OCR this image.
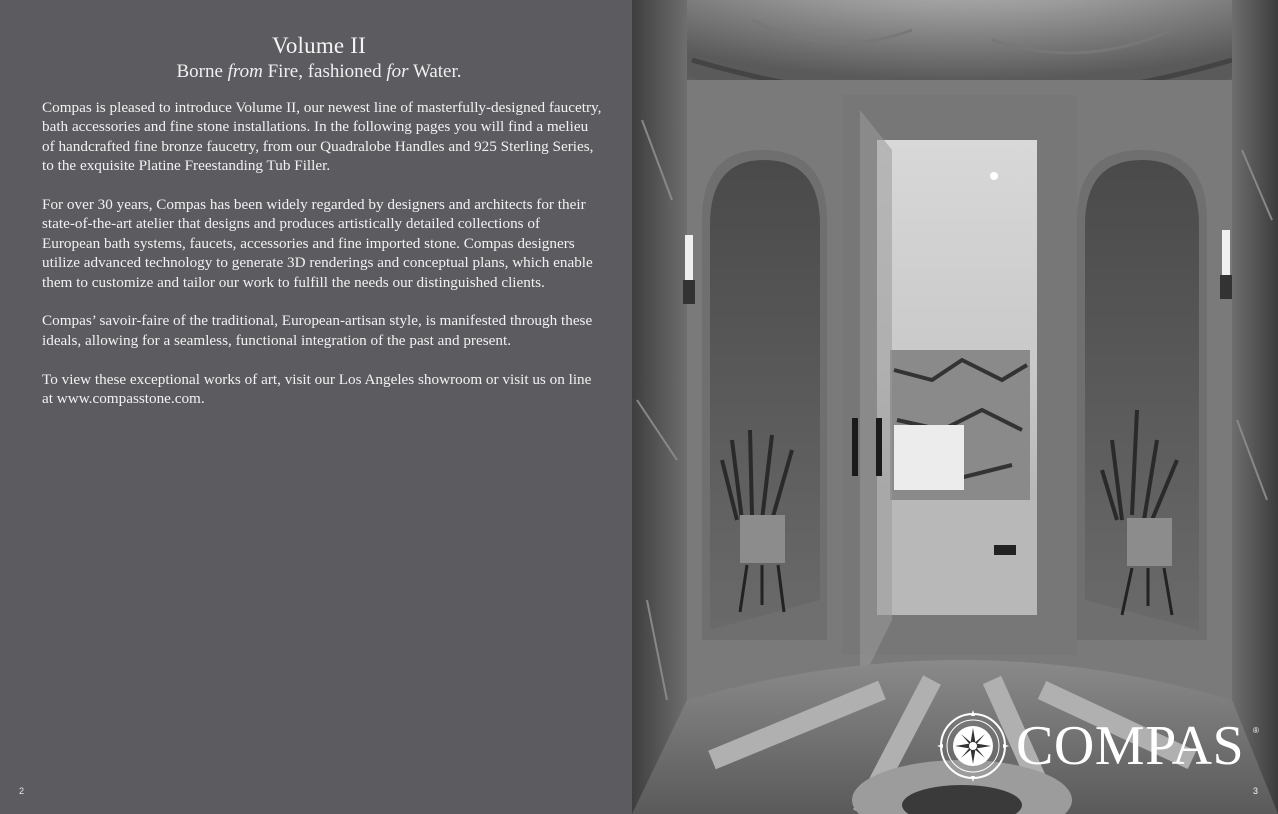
Volume II
Borne from Fire, fashioned for Water.

Compas is pleased to introduce Volume II, our newest line of masterfully-designed faucetry, bath accessories and fine stone installations. In the following pages you will find a melieu of handcrafted fine bronze faucetry, from our Quadralobe Handles and 925 Sterling Series, to the exquisite Platine Freestanding Tub Filler.

For over 30 years, Compas has been widely regarded by designers and architects for their state-of-the-art atelier that designs and produces artistically detailed collections of European bath systems, faucets, accessories and fine imported stone. Compas designers utilize advanced technology to generate 3D renderings and conceptual plans, which enable them to customize and tailor our work to fulfill the needs our distinguished clients.

Compas’ savoir-faire of the traditional, European-artisan style, is manifested through these ideals, allowing for a seamless, functional integration of the past and present.

To view these exceptional works of art, visit our Los Angeles showroom or visit us on line at www.compasstone.com.

2
COMPAS ®
3
